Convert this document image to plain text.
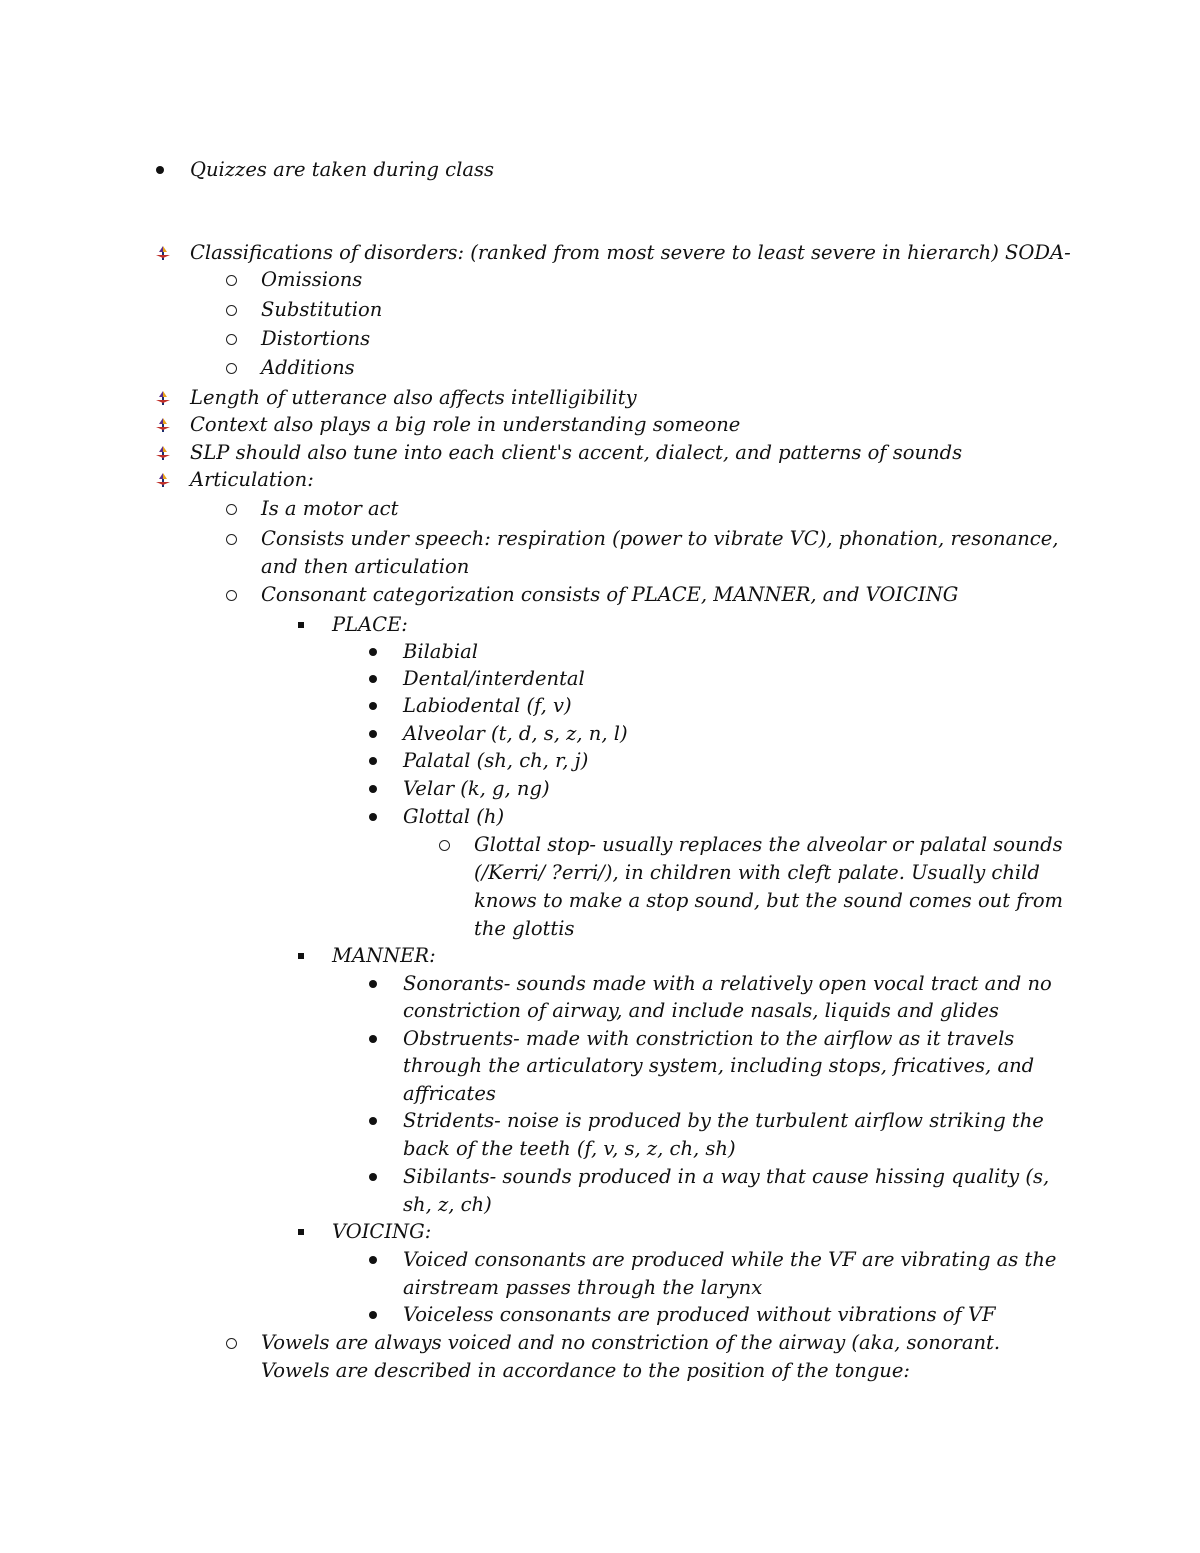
Quizzes are taken during class
Classifications of disorders: (ranked from most severe to least severe in hierarch) SODA-
Omissions
Substitution
Distortions
Additions
Length of utterance also affects intelligibility
Context also plays a big role in understanding someone
SLP should also tune into each client's accent, dialect, and patterns of sounds
Articulation:
Is a motor act
Consists under speech: respiration (power to vibrate VC), phonation, resonance,
and then articulation
Consonant categorization consists of PLACE, MANNER, and VOICING
PLACE:
Bilabial
Dental/interdental
Labiodental (f, v)
Alveolar (t, d, s, z, n, l)
Palatal (sh, ch, r, j)
Velar (k, g, ng)
Glottal (h)
Glottal stop- usually replaces the alveolar or palatal sounds
(/Kerri/ ?erri/), in children with cleft palate. Usually child
knows to make a stop sound, but the sound comes out from
the glottis
MANNER:
Sonorants- sounds made with a relatively open vocal tract and no
constriction of airway, and include nasals, liquids and glides
Obstruents- made with constriction to the airflow as it travels
through the articulatory system, including stops, fricatives, and
affricates
Stridents- noise is produced by the turbulent airflow striking the
back of the teeth (f, v, s, z, ch, sh)
Sibilants- sounds produced in a way that cause hissing quality (s,
sh, z, ch)
VOICING:
Voiced consonants are produced while the VF are vibrating as the
airstream passes through the larynx
Voiceless consonants are produced without vibrations of VF
Vowels are always voiced and no constriction of the airway (aka, sonorant.
Vowels are described in accordance to the position of the tongue:
